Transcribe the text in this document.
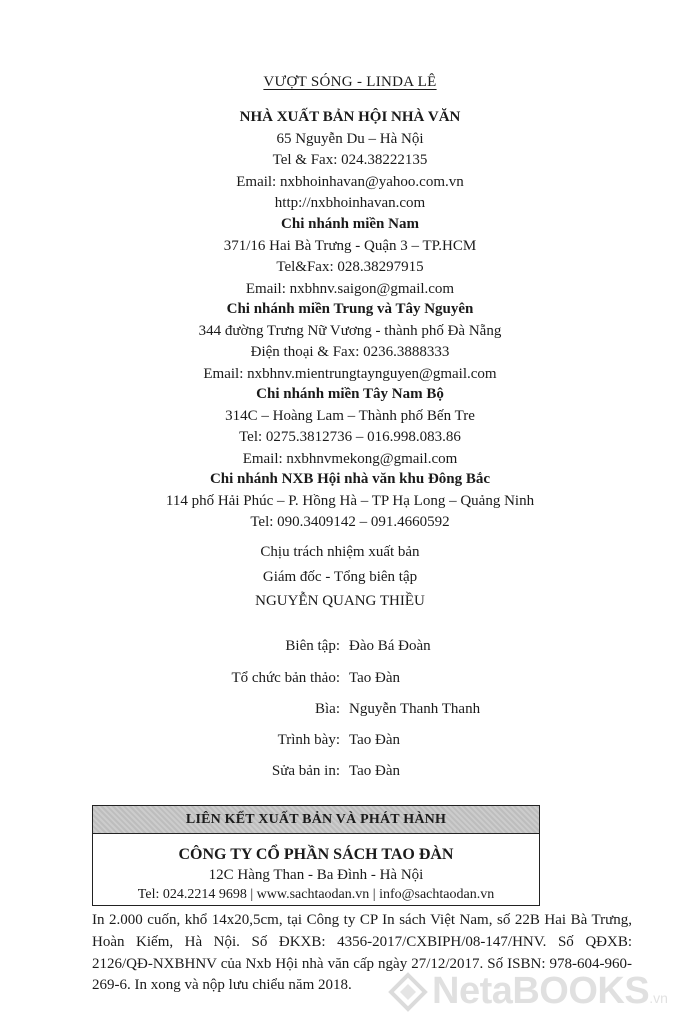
VƯỢT SÓNG - LINDA LÊ
NHÀ XUẤT BẢN HỘI NHÀ VĂN
65 Nguyễn Du – Hà Nội
Tel & Fax: 024.38222135
Email: nxbhoinhavan@yahoo.com.vn
http://nxbhoinhavan.com
Chi nhánh miền Nam
371/16 Hai Bà Trưng - Quận 3 – TP.HCM
Tel&Fax: 028.38297915
Email: nxbhnv.saigon@gmail.com
Chi nhánh miền Trung và Tây Nguyên
344 đường Trưng Nữ Vương - thành phố Đà Nẵng
Điện thoại & Fax: 0236.3888333
Email: nxbhnv.mientrungtaynguyen@gmail.com
Chi nhánh miền Tây Nam Bộ
314C – Hoàng Lam – Thành phố Bến Tre
Tel: 0275.3812736 – 016.998.083.86
Email: nxbhnvmekong@gmail.com
Chi nhánh NXB Hội nhà văn khu Đông Bắc
114 phố Hải Phúc – P. Hồng Hà – TP Hạ Long – Quảng Ninh
Tel: 090.3409142 – 091.4660592
Chịu trách nhiệm xuất bản
Giám đốc - Tổng biên tập
NGUYỄN QUANG THIỀU
Biên tập: Đào Bá Đoàn
Tổ chức bản thảo: Tao Đàn
Bìa: Nguyễn Thanh Thanh
Trình bày: Tao Đàn
Sửa bản in: Tao Đàn
LIÊN KẾT XUẤT BẢN VÀ PHÁT HÀNH
CÔNG TY CỔ PHẦN SÁCH TAO ĐÀN
12C Hàng Than - Ba Đình - Hà Nội
Tel: 024.2214 9698 | www.sachtaodan.vn | info@sachtaodan.vn
In 2.000 cuốn, khổ 14x20,5cm, tại Công ty CP In sách Việt Nam, số 22B Hai Bà Trưng, Hoàn Kiếm, Hà Nội. Số ĐKXB: 4356-2017/CXBIPH/08-147/HNV. Số QĐXB: 2126/QĐ-NXBHNV của Nxb Hội nhà văn cấp ngày 27/12/2017. Số ISBN: 978-604-960-269-6. In xong và nộp lưu chiểu năm 2018.	NetaBOOKS.vn
